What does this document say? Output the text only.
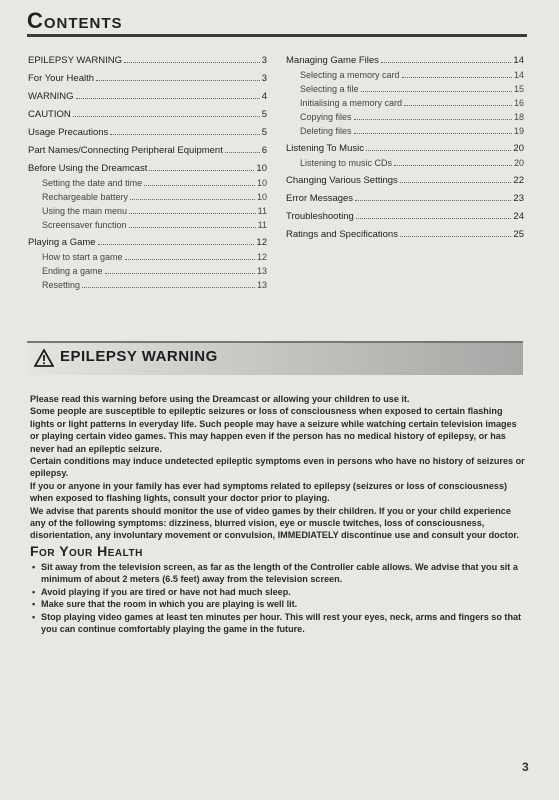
Contents
EPILEPSY WARNING	3
For Your Health	3
WARNING	4
CAUTION	5
Usage Precautions	5
Part Names/Connecting Peripheral Equipment	6
Before Using the Dreamcast	10
Setting the date and time	10
Rechargeable battery	10
Using the main menu	11
Screensaver function	11
Playing a Game	12
How to start a game	12
Ending a game	13
Resetting	13
Managing Game Files	14
Selecting a memory card	14
Selecting a file	15
Initialising a memory card	16
Copying files	18
Deleting files	19
Listening To Music	20
Listening to music CDs	20
Changing Various Settings	22
Error Messages	23
Troubleshooting	24
Ratings and Specifications	25
EPILEPSY WARNING

Please read this warning before using the Dreamcast or allowing your children to use it.

Some people are susceptible to epileptic seizures or loss of consciousness when exposed to certain flashing lights or light patterns in everyday life. Such people may have a seizure while watching certain television images or playing certain video games. This may happen even if the person has no medical history of epilepsy, or has never had an epileptic seizure.

Certain conditions may induce undetected epileptic symptoms even in persons who have no history of seizures or epilepsy.

If you or anyone in your family has ever had symptoms related to epilepsy (seizures or loss of consciousness) when exposed to flashing lights, consult your doctor prior to playing.

We advise that parents should monitor the use of video games by their children. If you or your child experience any of the following symptoms: dizziness, blurred vision, eye or muscle twitches, loss of consciousness, disorientation, any involuntary movement or convulsion, IMMEDIATELY discontinue use and consult your doctor.

For Your Health
• Sit away from the television screen, as far as the length of the Controller cable allows. We advise that you sit a minimum of about 2 meters (6.5 feet) away from the television screen.
• Avoid playing if you are tired or have not had much sleep.
• Make sure that the room in which you are playing is well lit.
• Stop playing video games at least ten minutes per hour. This will rest your eyes, neck, arms and fingers so that you can continue comfortably playing the game in the future.
3
